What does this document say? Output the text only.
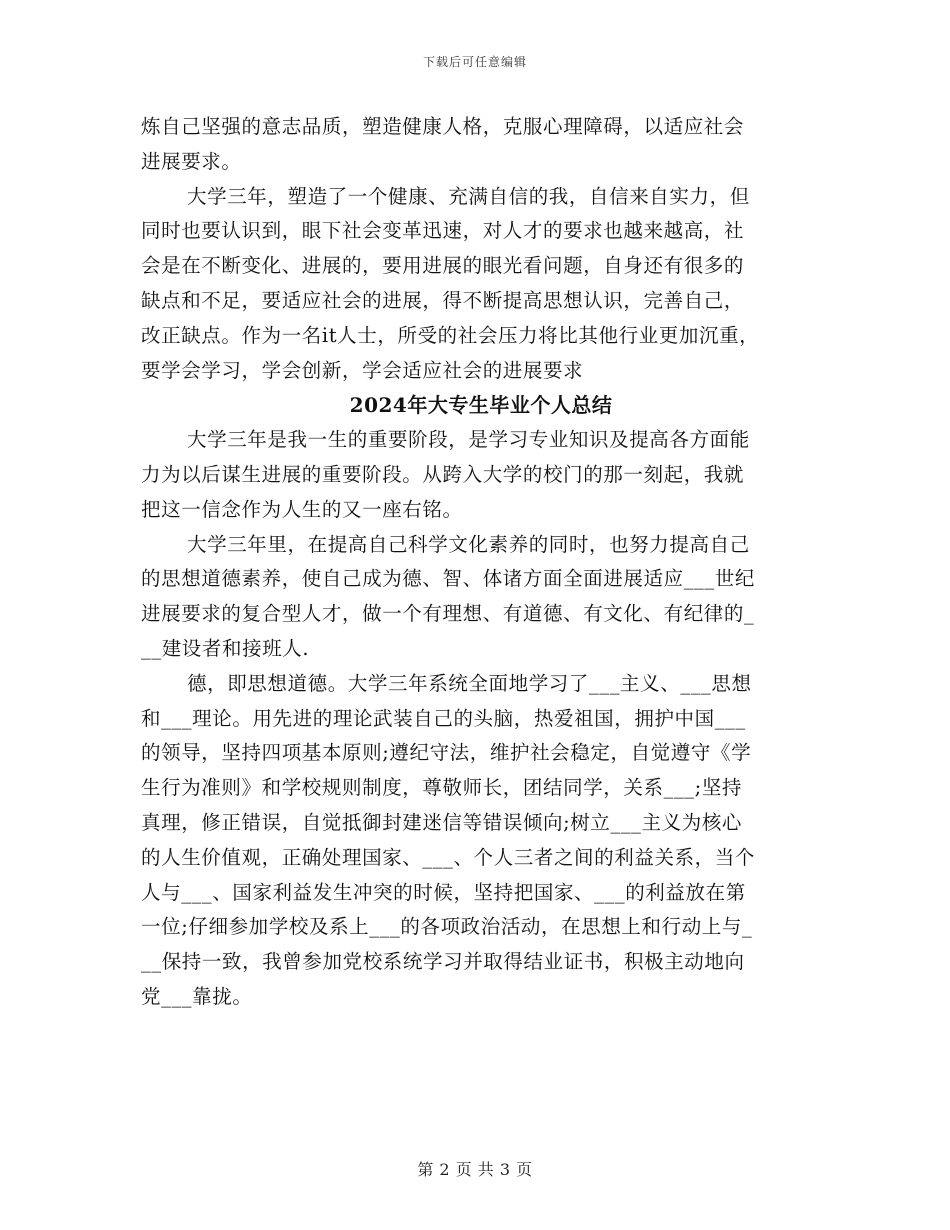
下载后可任意编辑
炼自己坚强的意志品质，塑造健康人格，克服心理障碍，以适应社会
进展要求。
大学三年，塑造了一个健康、充满自信的我，自信来自实力，但
同时也要认识到，眼下社会变革迅速，对人才的要求也越来越高，社
会是在不断变化、进展的，要用进展的眼光看问题，自身还有很多的
缺点和不足，要适应社会的进展，得不断提高思想认识，完善自己，
改正缺点。作为一名it人士，所受的社会压力将比其他行业更加沉重，
要学会学习，学会创新，学会适应社会的进展要求
2024年大专生毕业个人总结
大学三年是我一生的重要阶段，是学习专业知识及提高各方面能
力为以后谋生进展的重要阶段。从跨入大学的校门的那一刻起，我就
把这一信念作为人生的又一座右铭。
大学三年里，在提高自己科学文化素养的同时，也努力提高自己
的思想道德素养，使自己成为德、智、体诸方面全面进展适应___世纪
进展要求的复合型人才，做一个有理想、有道德、有文化、有纪律的_
__建设者和接班人.
德，即思想道德。大学三年系统全面地学习了___主义、___思想
和___理论。用先进的理论武装自己的头脑，热爱祖国，拥护中国___
的领导，坚持四项基本原则;遵纪守法，维护社会稳定，自觉遵守《学
生行为准则》和学校规则制度，尊敬师长，团结同学，关系___;坚持
真理，修正错误，自觉抵御封建迷信等错误倾向;树立___主义为核心
的人生价值观，正确处理国家、___、个人三者之间的利益关系，当个
人与___、国家利益发生冲突的时候，坚持把国家、___的利益放在第
一位;仔细参加学校及系上___的各项政治活动，在思想上和行动上与_
__保持一致，我曾参加党校系统学习并取得结业证书，积极主动地向
党___靠拢。
第 2 页 共 3 页
